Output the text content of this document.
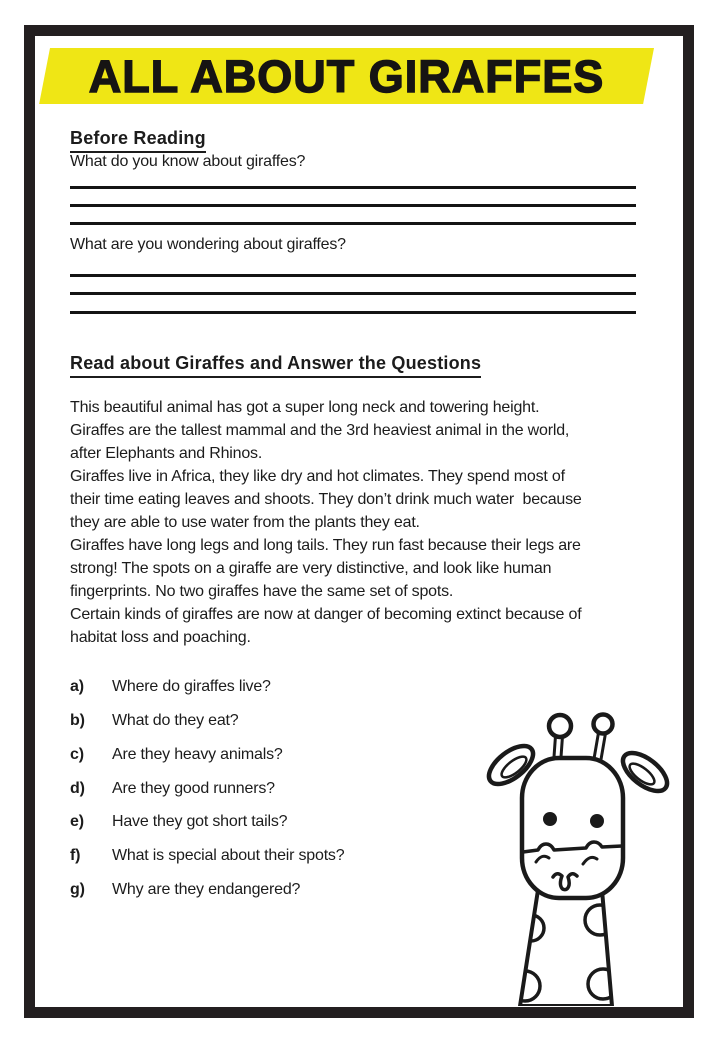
ALL ABOUT GIRAFFES
Before Reading
What do you know about giraffes?
What are you wondering about giraffes?
Read about Giraffes and Answer the Questions
This beautiful animal has got a super long neck and towering height.
Giraffes are the tallest mammal and the 3rd heaviest animal in the world,
after Elephants and Rhinos.
Giraffes live in Africa, they like dry and hot climates. They spend most of
their time eating leaves and shoots. They don’t drink much water  because
they are able to use water from the plants they eat.
Giraffes have long legs and long tails. They run fast because their legs are
strong! The spots on a giraffe are very distinctive, and look like human
fingerprints. No two giraffes have the same set of spots.
Certain kinds of giraffes are now at danger of becoming extinct because of
habitat loss and poaching.
a) Where do giraffes live?
b) What do they eat?
c) Are they heavy animals?
d) Are they good runners?
e) Have they got short tails?
f) What is special about their spots?
g) Why are they endangered?
